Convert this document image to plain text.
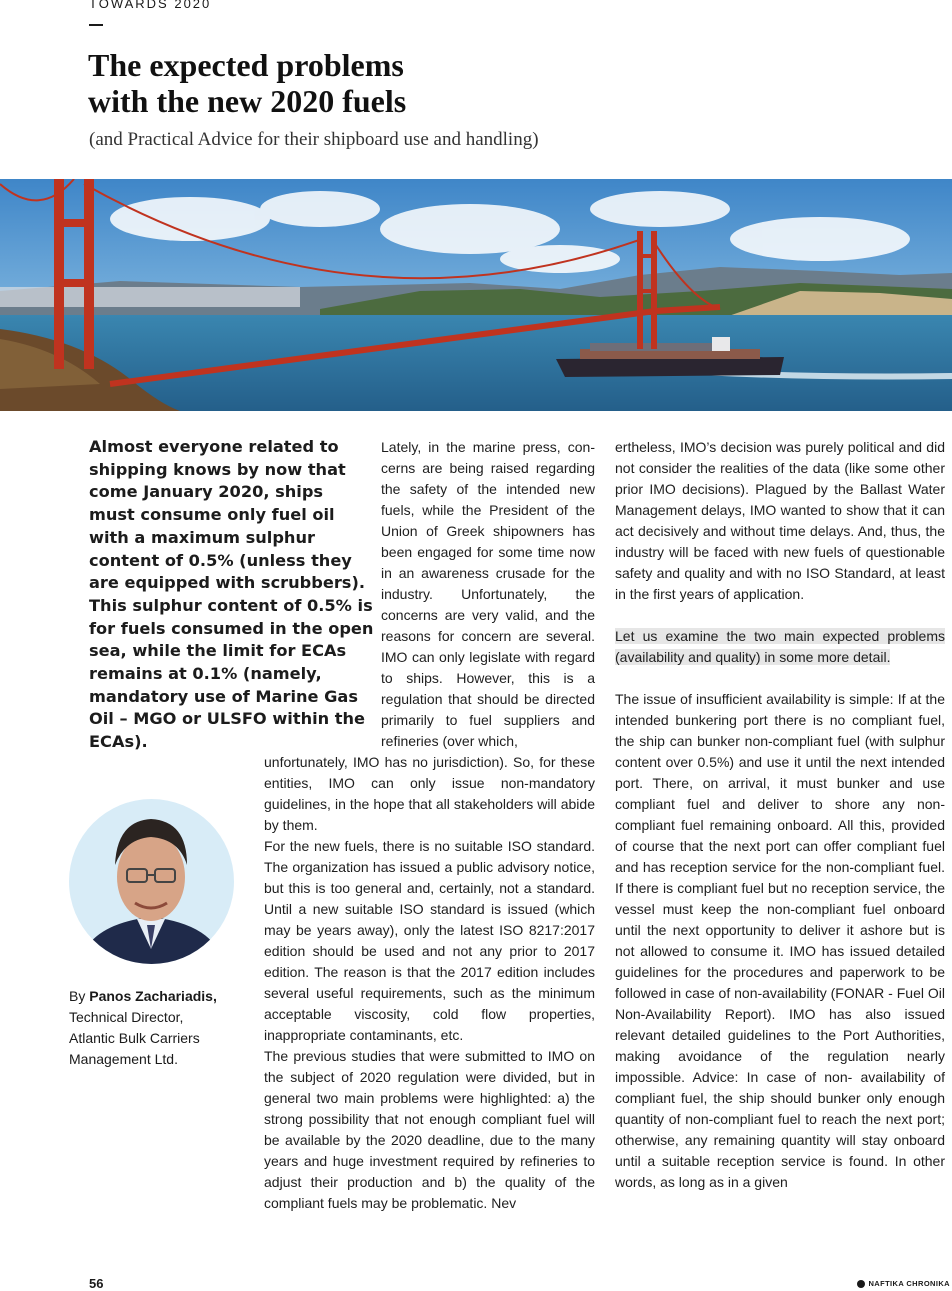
TOWARDS 2020
The expected problems
with the new 2020 fuels
(and Practical Advice for their shipboard use and handling)
Almost everyone related to shipping knows by now that come January 2020, ships must consume only fuel oil with a maximum sulphur content of 0.5% (unless they are equipped with scrubbers). This sulphur content of 0.5% is for fuels consumed in the open sea, while the limit for ECAs remains at 0.1% (namely, mandatory use of Marine Gas Oil – MGO or ULSFO within the ECAs).
By Panos Zachariadis,
Technical Director,
Atlantic Bulk Carriers
Management Ltd.

Lately, in the marine press, concerns are being raised regarding the safety of the intended new fuels, while the President of the Union of Greek shipowners has been engaged for some time now in an awareness crusade for the industry. Unfortunately, the concerns are very valid, and the reasons for concern are several. IMO can only legislate with regard to ships. However, this is a regulation that should be directed primarily to fuel suppliers and refineries (over which,

unfortunately, IMO has no jurisdiction). So, for these entities, IMO can only issue non-mandatory guidelines, in the hope that all stakeholders will abide by them.

For the new fuels, there is no suitable ISO standard. The organization has issued a public advisory notice, but this is too general and, certainly, not a standard. Until a new suitable ISO standard is issued (which may be years away), only the latest ISO 8217:2017 edition should be used and not any prior to 2017 edition. The reason is that the 2017 edition includes several useful requirements, such as the minimum acceptable viscosity, cold flow properties, inappropriate contaminants, etc.

The previous studies that were submitted to IMO on the subject of 2020 regulation were divided, but in general two main problems were highlighted: a) the strong possibility that not enough compliant fuel will be available by the 2020 deadline, due to the many years and huge investment required by refineries to adjust their production and b) the quality of the compliant fuels may be problematic. Nev

ertheless, IMO’s decision was purely political and did not consider the realities of the data (like some other prior IMO decisions). Plagued by the Ballast Water Management delays, IMO wanted to show that it can act decisively and without time delays. And, thus, the industry will be faced with new fuels of questionable safety and quality and with no ISO Standard, at least in the first years of application.

Let us examine the two main expected problems (availability and quality) in some more detail.

The issue of insufficient availability is simple: If at the intended bunkering port there is no compliant fuel, the ship can bunker non-compliant fuel (with sulphur content over 0.5%) and use it until the next intended port. There, on arrival, it must bunker and use compliant fuel and deliver to shore any non-compliant fuel remaining onboard. All this, provided of course that the next port can offer compliant fuel and has reception service for the non-compliant fuel. If there is compliant fuel but no reception service, the vessel must keep the non-compliant fuel onboard until the next opportunity to deliver it ashore but is not allowed to consume it. IMO has issued detailed guidelines for the procedures and paperwork to be followed in case of non-availability (FONAR - Fuel Oil Non-Availability Report). IMO has also issued relevant detailed guidelines to the Port Authorities, making avoidance of the regulation nearly impossible. Advice: In case of non- availability of compliant fuel, the ship should bunker only enough quantity of non-compliant fuel to reach the next port; otherwise, any remaining quantity will stay onboard until a suitable reception service is found. In other words, as long as in a given

56	NAFTIKA CHRONIKA
